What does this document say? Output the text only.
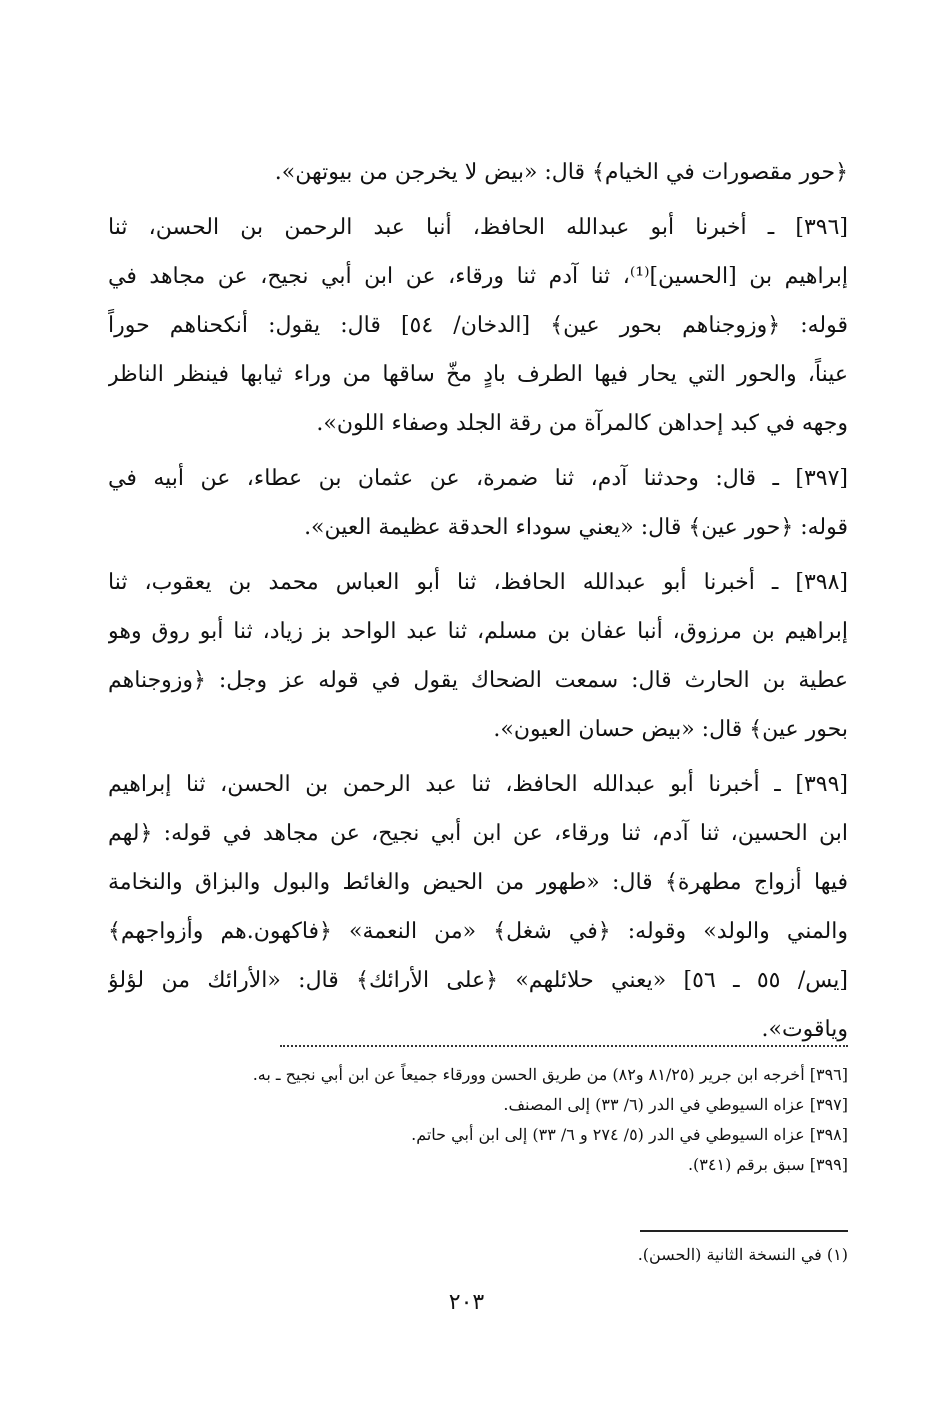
﴿حور مقصورات في الخيام﴾ قال: «بيض لا يخرجن من بيوتهن».
[٣٩٦] ـ أخبرنا أبو عبدالله الحافظ، أنبا عبد الرحمن بن الحسن، ثنا
إبراهيم بن [الحسين]⁽¹⁾، ثنا آدم ثنا ورقاء، عن ابن أبي نجيح، عن مجاهد في
قوله: ﴿وزوجناهم بحور عين﴾ [الدخان/ ٥٤] قال: يقول: أنكحناهم حوراً
عيناً، والحور التي يحار فيها الطرف بادٍ مخّ ساقها من وراء ثيابها فينظر الناظر
وجهه في كبد إحداهن كالمرآة من رقة الجلد وصفاء اللون».
[٣٩٧] ـ قال: وحدثنا آدم، ثنا ضمرة، عن عثمان بن عطاء، عن أبيه في
قوله: ﴿حور عين﴾ قال: «يعني سوداء الحدقة عظيمة العين».
[٣٩٨] ـ أخبرنا أبو عبدالله الحافظ، ثنا أبو العباس محمد بن يعقوب، ثنا
إبراهيم بن مرزوق، أنبا عفان بن مسلم، ثنا عبد الواحد بز زياد، ثنا أبو روق وهو
عطية بن الحارث قال: سمعت الضحاك يقول في قوله عز وجل: ﴿وزوجناهم
بحور عين﴾ قال: «بيض حسان العيون».
[٣٩٩] ـ أخبرنا أبو عبدالله الحافظ، ثنا عبد الرحمن بن الحسن، ثنا إبراهيم
ابن الحسين، ثنا آدم، ثنا ورقاء، عن ابن أبي نجيح، عن مجاهد في قوله: ﴿لهم
فيها أزواج مطهرة﴾ قال: «طهور من الحيض والغائط والبول والبزاق والنخامة
والمني والولد» وقوله: ﴿في شغل﴾ «من النعمة» ﴿فاكهون.هم وأزواجهم﴾
[يس/ ٥٥ ـ ٥٦] «يعني حلائلهم» ﴿على الأرائك﴾ قال: «الأرائك من لؤلؤ
وياقوت».
[٣٩٦] أخرجه ابن جرير (٨١/٢٥ و٨٢) من طريق الحسن وورقاء جميعاً عن ابن أبي نجيح ـ به.
[٣٩٧] عزاه السيوطي في الدر (٦/ ٣٣) إلى المصنف.
[٣٩٨] عزاه السيوطي في الدر (٥/ ٢٧٤ و ٦/ ٣٣) إلى ابن أبي حاتم.
[٣٩٩] سبق برقم (٣٤١).
(١) في النسخة الثانية (الحسن).
٢٠٣
